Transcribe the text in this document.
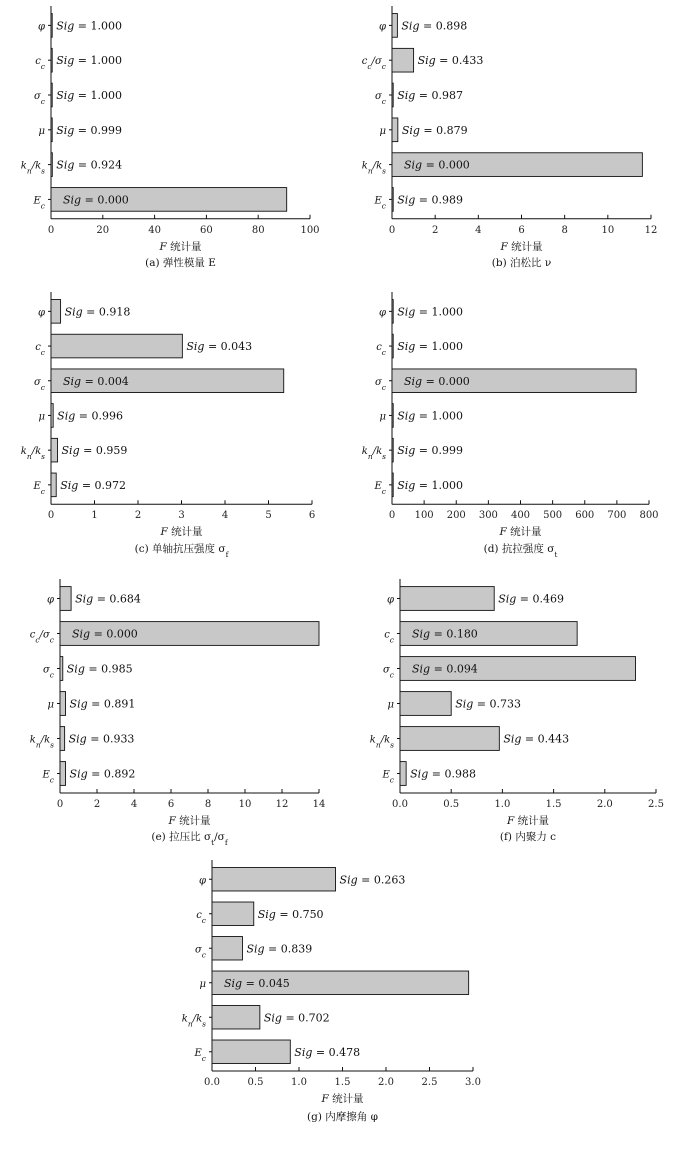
0	20	40	60	80	100
φ Sig = 1.000
$c_c$ Sig = 1.000
$\sigma_c$ Sig = 1.000
μ Sig = 0.999
$k_n/k_s$ Sig = 0.924
$E_c$ Sig = 0.000
F 统计量
(a) 弹性模量 E
0	2	4	6	8	10	12
φ Sig = 0.898
$c_c/\sigma_c$	Sig = 0.433
$\sigma_c$ Sig = 0.987
μ Sig = 0.879
$k_n/k_s$ Sig = 0.000
$E_c$ Sig = 0.989
F 统计量
(b) 泊松比 ν
0	1	2	3	4	5	6
φ Sig = 0.918
$c_c$	Sig = 0.043
$\sigma_c$ Sig = 0.004
μ Sig = 0.996
$k_n/k_s$ Sig = 0.959
$E_c$ Sig = 0.972
F 统计量
(c) 单轴抗压强度 $\sigma_f$
0 100 200 300 400 500 600 700 800
φ Sig = 1.000
$c_c$ Sig = 1.000
$\sigma_c$ Sig = 0.000
μ Sig = 1.000
$k_n/k_s$ Sig = 0.999
$E_c$ Sig = 1.000
F 统计量
(d) 抗拉强度 $\sigma_t$
0	2	4	6	8	10 12 14
φ Sig = 0.684
$c_c/\sigma_c$ Sig = 0.000
$\sigma_c$ Sig = 0.985
μ Sig = 0.891
$k_n/k_s$ Sig = 0.933
$E_c$ Sig = 0.892
F 统计量
(e) 拉压比 $\sigma_t/\sigma_f$
0.0	0.5	1.0	1.5	2.0	2.5
φ	Sig = 0.469
$c_c$ Sig = 0.180
$\sigma_c$ Sig = 0.094
μ	Sig = 0.733
$k_n/k_s$	Sig = 0.443
$E_c$ Sig = 0.988
F 统计量
(f) 内聚力 c
0.0	0.5	1.0	1.5	2.0	2.5	3.0
φ	Sig = 0.263
$c_c$	Sig = 0.750
$\sigma_c$	Sig = 0.839
μ Sig = 0.045
$k_n/k_s$	Sig = 0.702
$E_c$	Sig = 0.478
F 统计量
(g) 内摩擦角 φ
